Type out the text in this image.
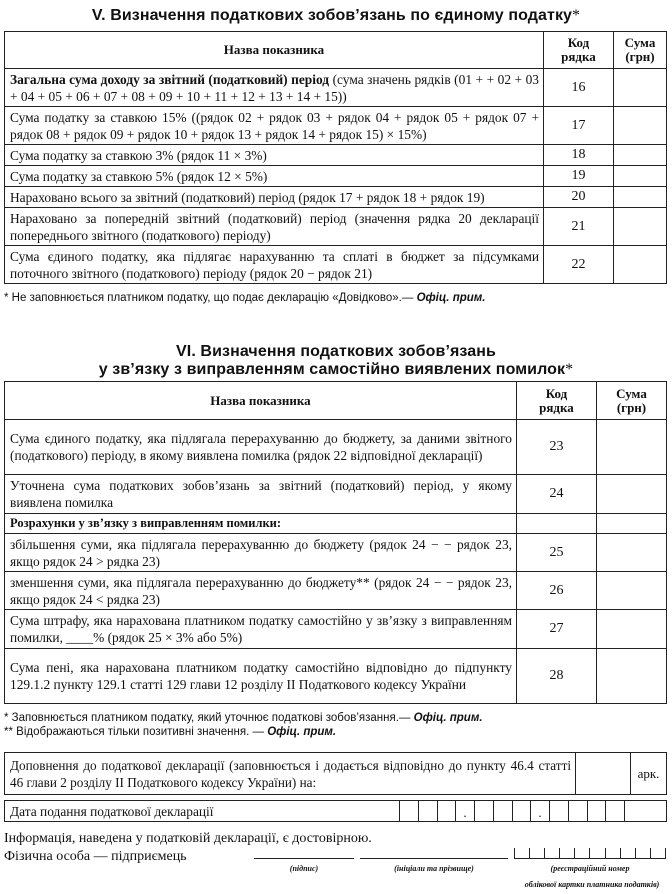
V. Визначення податкових зобов’язань по єдиному податку*
Назва показника	Код рядка	Сума (грн)
Загальна сума доходу за звітний (податковий) період (сума значень рядків (01 + + 02 + 03 + 04 + 05 + 06 + 07 + 08 + 09 + 10 + 11 + 12 + 13 + 14 + 15))	16	
Сума податку за ставкою 15% ((рядок 02 + рядок 03 + рядок 04 + рядок 05 + рядок 07 + рядок 08 + рядок 09 + рядок 10 + рядок 13 + рядок 14 + рядок 15) × 15%)	17	
Сума податку за ставкою 3% (рядок 11 × 3%)	18	
Сума податку за ставкою 5% (рядок 12 × 5%)	19	
Нараховано всього за звітний (податковий) період (рядок 17 + рядок 18 + рядок 19)	20	
Нараховано за попередній звітний (податковий) період (значення рядка 20 декларації попереднього звітного (податкового) періоду)	21	
Сума єдиного податку, яка підлягає нарахуванню та сплаті в бюджет за підсумками поточного звітного (податкового) періоду (рядок 20 − рядок 21)	22	
* Не заповнюється платником податку, що подає декларацію «Довідково».— Офіц. прим.
VI. Визначення податкових зобов’язань
у зв’язку з виправленням самостійно виявлених помилок*
Назва показника	Код рядка	Сума (грн)
Сума єдиного податку, яка підлягала перерахуванню до бюджету, за даними звітного (податкового) періоду, в якому виявлена помилка (рядок 22 відповідної декларації)	23	
Уточнена сума податкових зобов’язань за звітний (податковий) період, у якому виявлена помилка	24	
Розрахунки у зв’язку з виправленням помилки:		
збільшення суми, яка підлягала перерахуванню до бюджету (рядок 24 − − рядок 23, якщо рядок 24 > рядка 23)	25	
зменшення суми, яка підлягала перерахуванню до бюджету** (рядок 24 − − рядок 23, якщо рядок 24 < рядка 23)	26	
Сума штрафу, яка нарахована платником податку самостійно у зв’язку з виправленням помилки, ____% (рядок 25 × 3% або 5%)	27	
Сума пені, яка нарахована платником податку самостійно відповідно до підпункту 129.1.2 пункту 129.1 статті 129 глави 12 розділу II Податкового кодексу України	28	
* Заповнюється платником податку, який уточнює податкові зобов’язання.— Офіц. прим.
** Відображаються тільки позитивні значення. — Офіц. прим.
Доповнення до податкової декларації (заповнюється і додається відповідно до пункту 46.4 статті 46 глави 2 розділу II Податкового кодексу України) на:		арк.
Дата подання податкової декларації				.				.					
Інформація, наведена у податковій декларації, є достовірною.
Фізична особа — підприємець
(підпис)	(ініціали та прізвище)	(реєстраційний номер
облікової картки платника податків)
